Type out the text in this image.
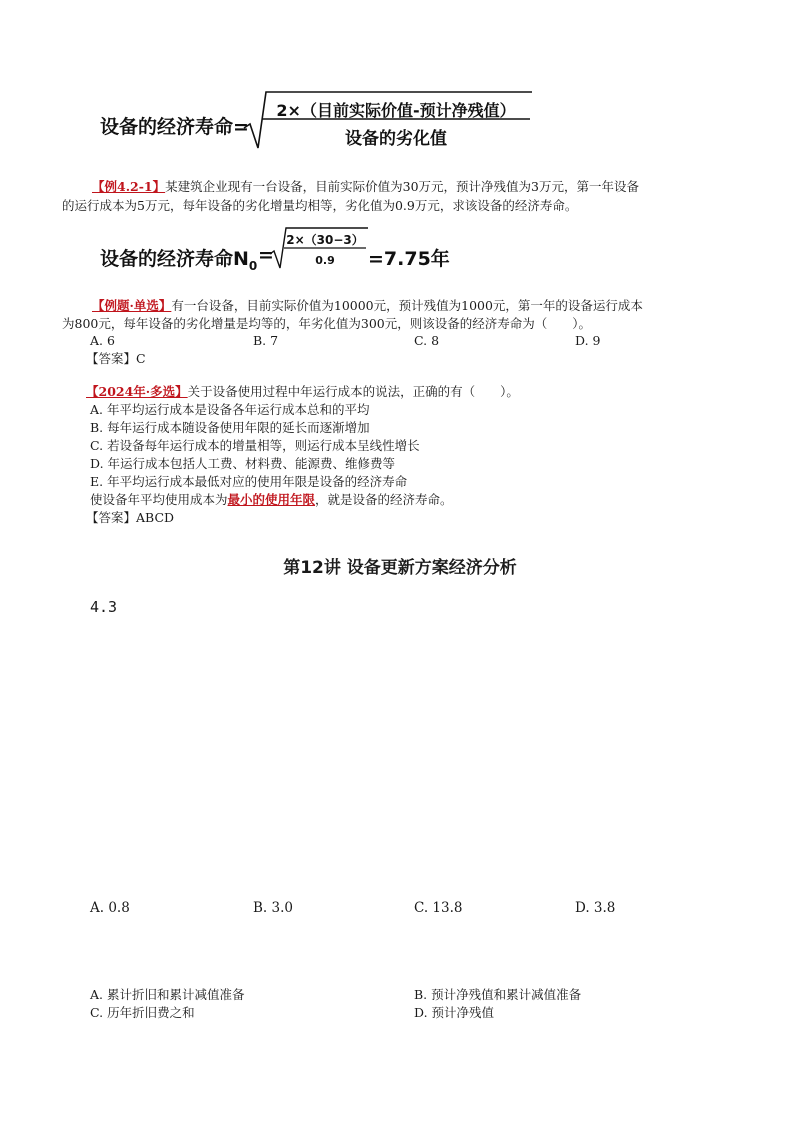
设备的经济寿命=
2×（目前实际价值-预计净残值）
设备的劣化值
【例4.2-1】某建筑企业现有一台设备，目前实际价值为30万元，预计净残值为3万元，第一年设备
的运行成本为5万元，每年设备的劣化增量均相等，劣化值为0.9万元，求该设备的经济寿命。
设备的经济寿命$N_0$ =
2×（30−3）
0.9	=7.75年
【例题·单选】有一台设备，目前实际价值为10000元，预计残值为1000元，第一年的设备运行成本
为800元，每年设备的劣化增量是均等的，年劣化值为300元，则该设备的经济寿命为（　　）。
A. 6	B. 7	C. 8	D. 9
【答案】C
【2024年·多选】关于设备使用过程中年运行成本的说法，正确的有（　　）。
A. 年平均运行成本是设备各年运行成本总和的平均
B. 每年运行成本随设备使用年限的延长而逐渐增加
C. 若设备每年运行成本的增量相等，则运行成本呈线性增长
D. 年运行成本包括人工费、材料费、能源费、维修费等
E. 年平均运行成本最低对应的使用年限是设备的经济寿命
使设备年平均使用成本为最小的使用年限，就是设备的经济寿命。
【答案】ABCD
第12讲 设备更新方案经济分析
4.3
A. 0.8	B. 3.0	C. 13.8	D. 3.8
A. 累计折旧和累计减值准备	B. 预计净残值和累计减值准备
C. 历年折旧费之和	D. 预计净残值
